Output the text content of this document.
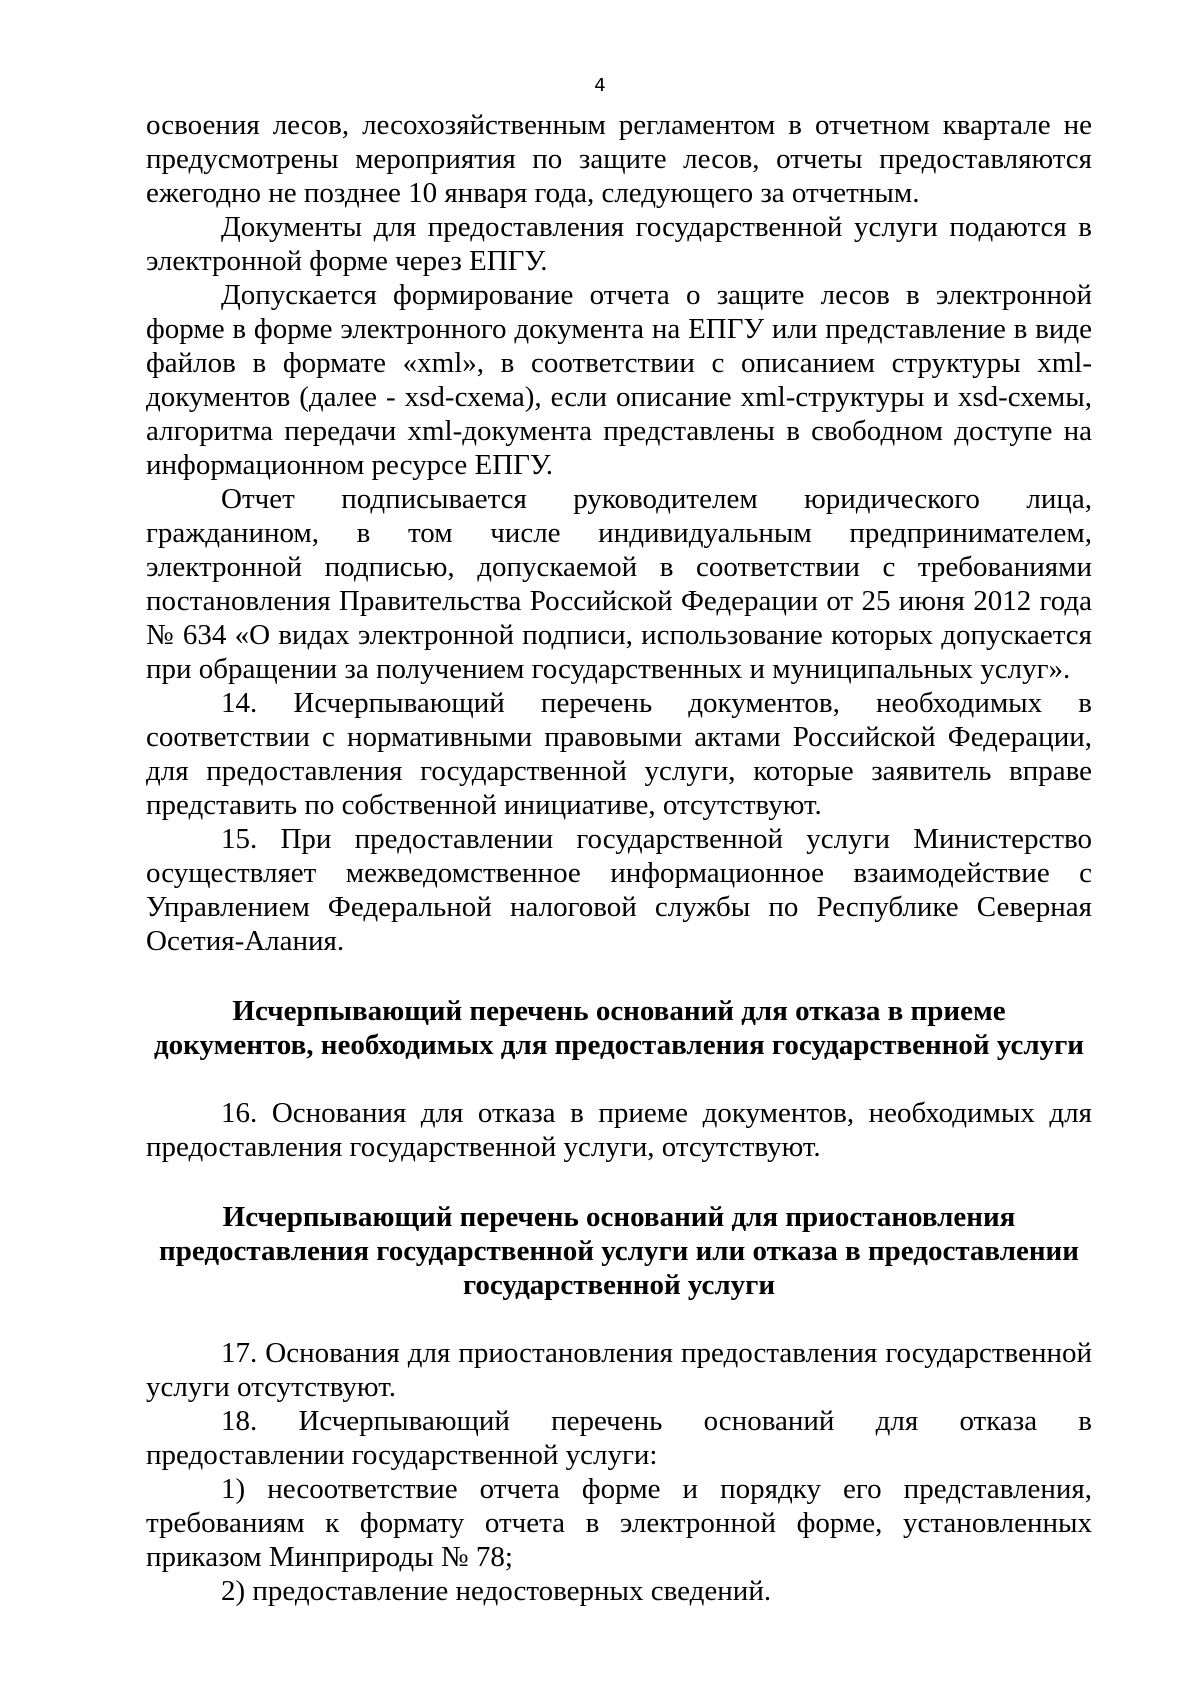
4

освоения лесов, лесохозяйственным регламентом в отчетном квартале не предусмотрены мероприятия по защите лесов, отчеты предоставляются ежегодно не позднее 10 января года, следующего за отчетным.

Документы для предоставления государственной услуги подаются в электронной форме через ЕПГУ.

Допускается формирование отчета о защите лесов в электронной форме в форме электронного документа на ЕПГУ или представление в виде файлов в формате «xml», в соответствии с описанием структуры xml-документов (далее - xsd-схема), если описание xml-структуры и xsd-схемы, алгоритма передачи xml-документа представлены в свободном доступе на информационном ресурсе ЕПГУ.

Отчет подписывается руководителем юридического лица, гражданином, в том числе индивидуальным предпринимателем, электронной подписью, допускаемой в соответствии с требованиями постановления Правительства Российской Федерации от 25 июня 2012 года № 634 «О видах электронной подписи, использование которых допускается при обращении за получением государственных и муниципальных услуг».

14. Исчерпывающий перечень документов, необходимых в соответствии с нормативными правовыми актами Российской Федерации, для предоставления государственной услуги, которые заявитель вправе представить по собственной инициативе, отсутствуют.

15. При предоставлении государственной услуги Министерство осуществляет межведомственное информационное взаимодействие с Управлением Федеральной налоговой службы по Республике Северная Осетия-Алания.

Исчерпывающий перечень оснований для отказа в приеме

документов, необходимых для предоставления государственной услуги

16. Основания для отказа в приеме документов, необходимых для предоставления государственной услуги, отсутствуют.

Исчерпывающий перечень оснований для приостановления

предоставления государственной услуги или отказа в предоставлении

государственной услуги

17. Основания для приостановления предоставления государственной услуги отсутствуют.

18. Исчерпывающий перечень оснований для отказа в предоставлении государственной услуги:

1) несоответствие отчета форме и порядку его представления, требованиям к формату отчета в электронной форме, установленных приказом Минприроды № 78;

2) предоставление недостоверных сведений.
